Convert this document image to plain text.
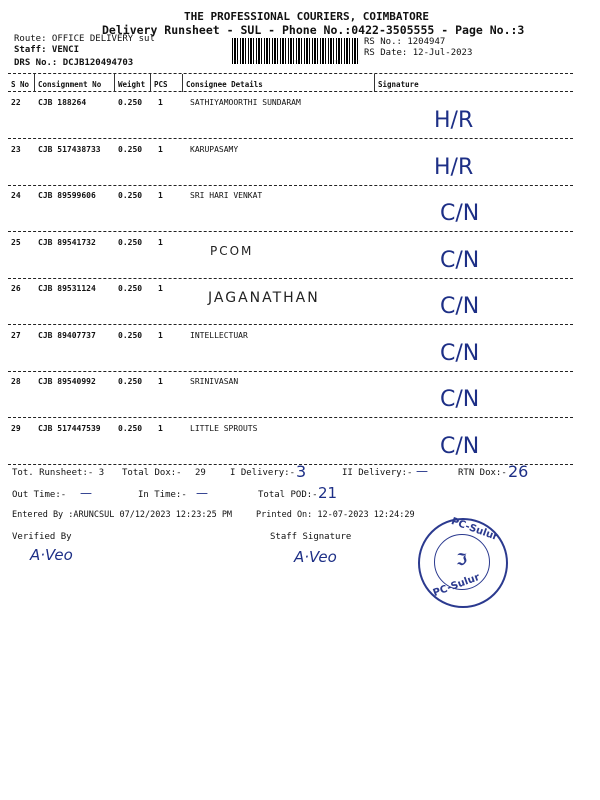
THE PROFESSIONAL COURIERS, COIMBATORE
Delivery Runsheet - SUL - Phone No.:0422-3505555 - Page No.:3
Route: OFFICE DELIVERY sul
Staff: VENCI
DRS No.: DCJB120494703
RS No.: 1204947
RS Date: 12-Jul-2023
S No Consignment No Weight PCS Consignee Details	Signature
22 CJB 188264	0.250 1	SATHIYAMOORTHI SUNDARAM
H/R
23 CJB 517438733 0.250 1	KARUPASAMY
H/R
24 CJB 89599606	0.250 1	SRI HARI VENKAT
C/N
25 CJB 89541732	0.250 1
PCOM	C/N
26 CJB 89531124	0.250 1
JAGANATHAN	C/N
27 CJB 89407737	0.250 1	INTELLECTUAR
C/N
28 CJB 89540992	0.250 1	SRINIVASAN
C/N
29 CJB 517447539 0.250 1	LITTLE SPROUTS
C/N
Tot. Runsheet:- 3 Total Dox:- 29	I Delivery:- 3	II Delivery:- —	RTN Dox:- 26
Out Time:- —	In Time:- —	Total POD:- 21
Entered By :ARUNCSUL 07/12/2023 12:23:25 PM	Printed On: 12-07-2023 12:24:29
Verified By	Staff Signature
A·Veo	A·Veo
PC-Sulur
PC-Sulur
ℑ
